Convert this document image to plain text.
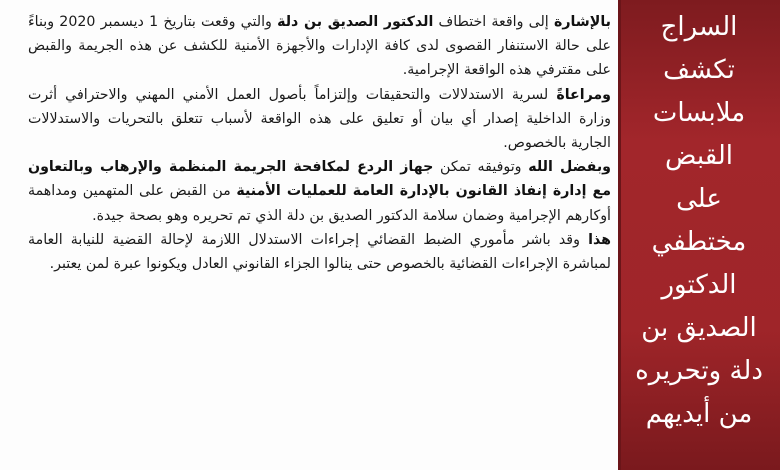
بالإشارة إلى واقعة اختطاف الدكتور الصديق بن دلة والتي وقعت بتاريخ 1 ديسمبر 2020 وبناءً على حالة الاستنفار القصوى لدى كافة الإدارات والأجهزة الأمنية للكشف عن هذه الجريمة والقبض على مقترفي هذه الواقعة الإجرامية.

ومراعاةً لسرية الاستدلالات والتحقيقات وإلتزاماً بأصول العمل الأمني المهني والاحترافي أثرت وزارة الداخلية إصدار أي بيان أو تعليق على هذه الواقعة لأسباب تتعلق بالتحريات والاستدلالات الجارية بالخصوص.

وبفضل الله وتوفيقه تمكن جهاز الردع لمكافحة الجريمة المنظمة والإرهاب وبالتعاون مع إدارة إنفاذ القانون بالإدارة العامة للعمليات الأمنية من القبض على المتهمين ومداهمة أوكارهم الإجرامية وضمان سلامة الدكتور الصديق بن دلة الذي تم تحريره وهو بصحة جيدة.

هذا وقد باشر مأموري الضبط القضائي إجراءات الاستدلال اللازمة لإحالة القضية للنيابة العامة لمباشرة الإجراءات القضائية بالخصوص حتى ينالوا الجزاء القانوني العادل ويكونوا عبرة لمن يعتبر.

السراج
تكشف
ملابسات
القبض
على
مختطفي
الدكتور
الصديق بن
دلة وتحريره
من أيديهم
